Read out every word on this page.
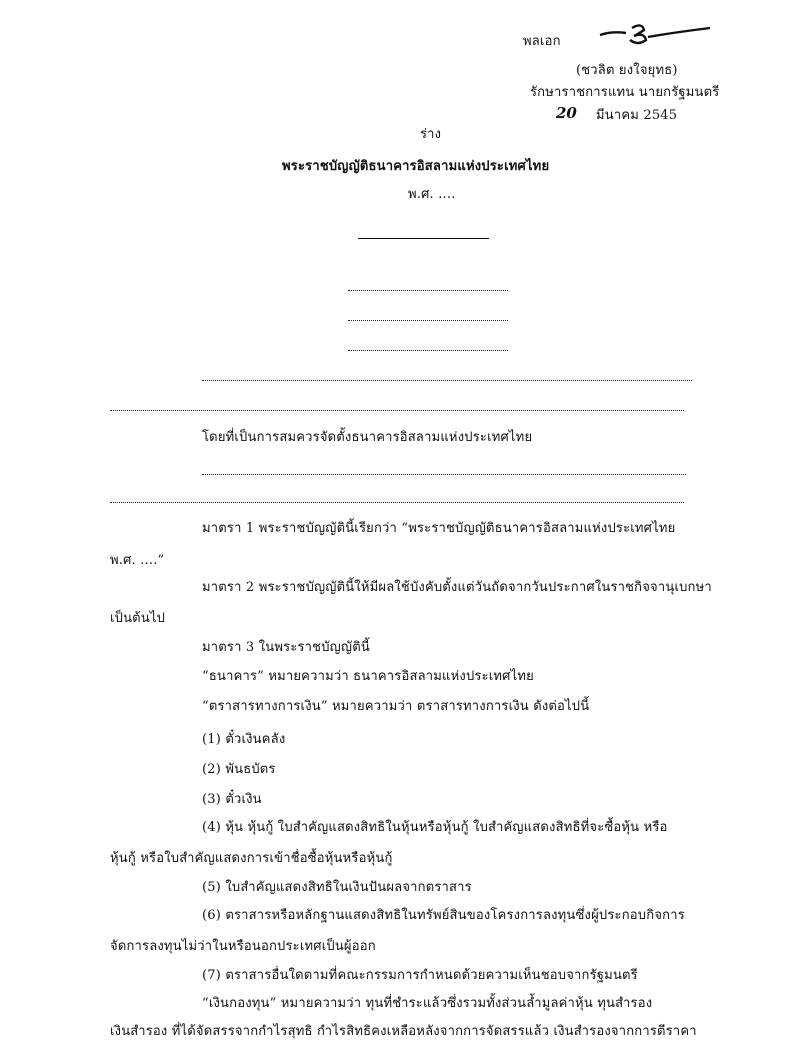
พลเอก
(ชวลิต ยงใจยุทธ)
รักษาราชการแทน นายกรัฐมนตรี
20 มีนาคม 2545
ร่าง
พระราชบัญญัติธนาคารอิสลามแห่งประเทศไทย
พ.ศ. ....
โดยที่เป็นการสมควรจัดตั้งธนาคารอิสลามแห่งประเทศไทย
มาตรา 1 พระราชบัญญัตินี้เรียกว่า “พระราชบัญญัติธนาคารอิสลามแห่งประเทศไทย
พ.ศ. ....”
มาตรา 2 พระราชบัญญัตินี้ให้มีผลใช้บังคับตั้งแต่วันถัดจากวันประกาศในราชกิจจานุเบกษา
เป็นต้นไป
มาตรา 3 ในพระราชบัญญัตินี้
“ธนาคาร” หมายความว่า ธนาคารอิสลามแห่งประเทศไทย
“ตราสารทางการเงิน” หมายความว่า ตราสารทางการเงิน ดังต่อไปนี้
(1) ตั๋วเงินคลัง
(2) พันธบัตร
(3) ตั๋วเงิน
(4) หุ้น หุ้นกู้ ใบสำคัญแสดงสิทธิในหุ้นหรือหุ้นกู้ ใบสำคัญแสดงสิทธิที่จะซื้อหุ้น หรือ
หุ้นกู้ หรือใบสำคัญแสดงการเข้าชื่อซื้อหุ้นหรือหุ้นกู้
(5) ใบสำคัญแสดงสิทธิในเงินปันผลจากตราสาร
(6) ตราสารหรือหลักฐานแสดงสิทธิในทรัพย์สินของโครงการลงทุนซึ่งผู้ประกอบกิจการ
จัดการลงทุนไม่ว่าในหรือนอกประเทศเป็นผู้ออก
(7) ตราสารอื่นใดตามที่คณะกรรมการกำหนดด้วยความเห็นชอบจากรัฐมนตรี
“เงินกองทุน” หมายความว่า ทุนที่ชำระแล้วซึ่งรวมทั้งส่วนล้ำมูลค่าหุ้น ทุนสำรอง
เงินสำรอง ที่ได้จัดสรรจากกำไรสุทธิ กำไรสิทธิคงเหลือหลังจากการจัดสรรแล้ว เงินสำรองจากการตีราคา
